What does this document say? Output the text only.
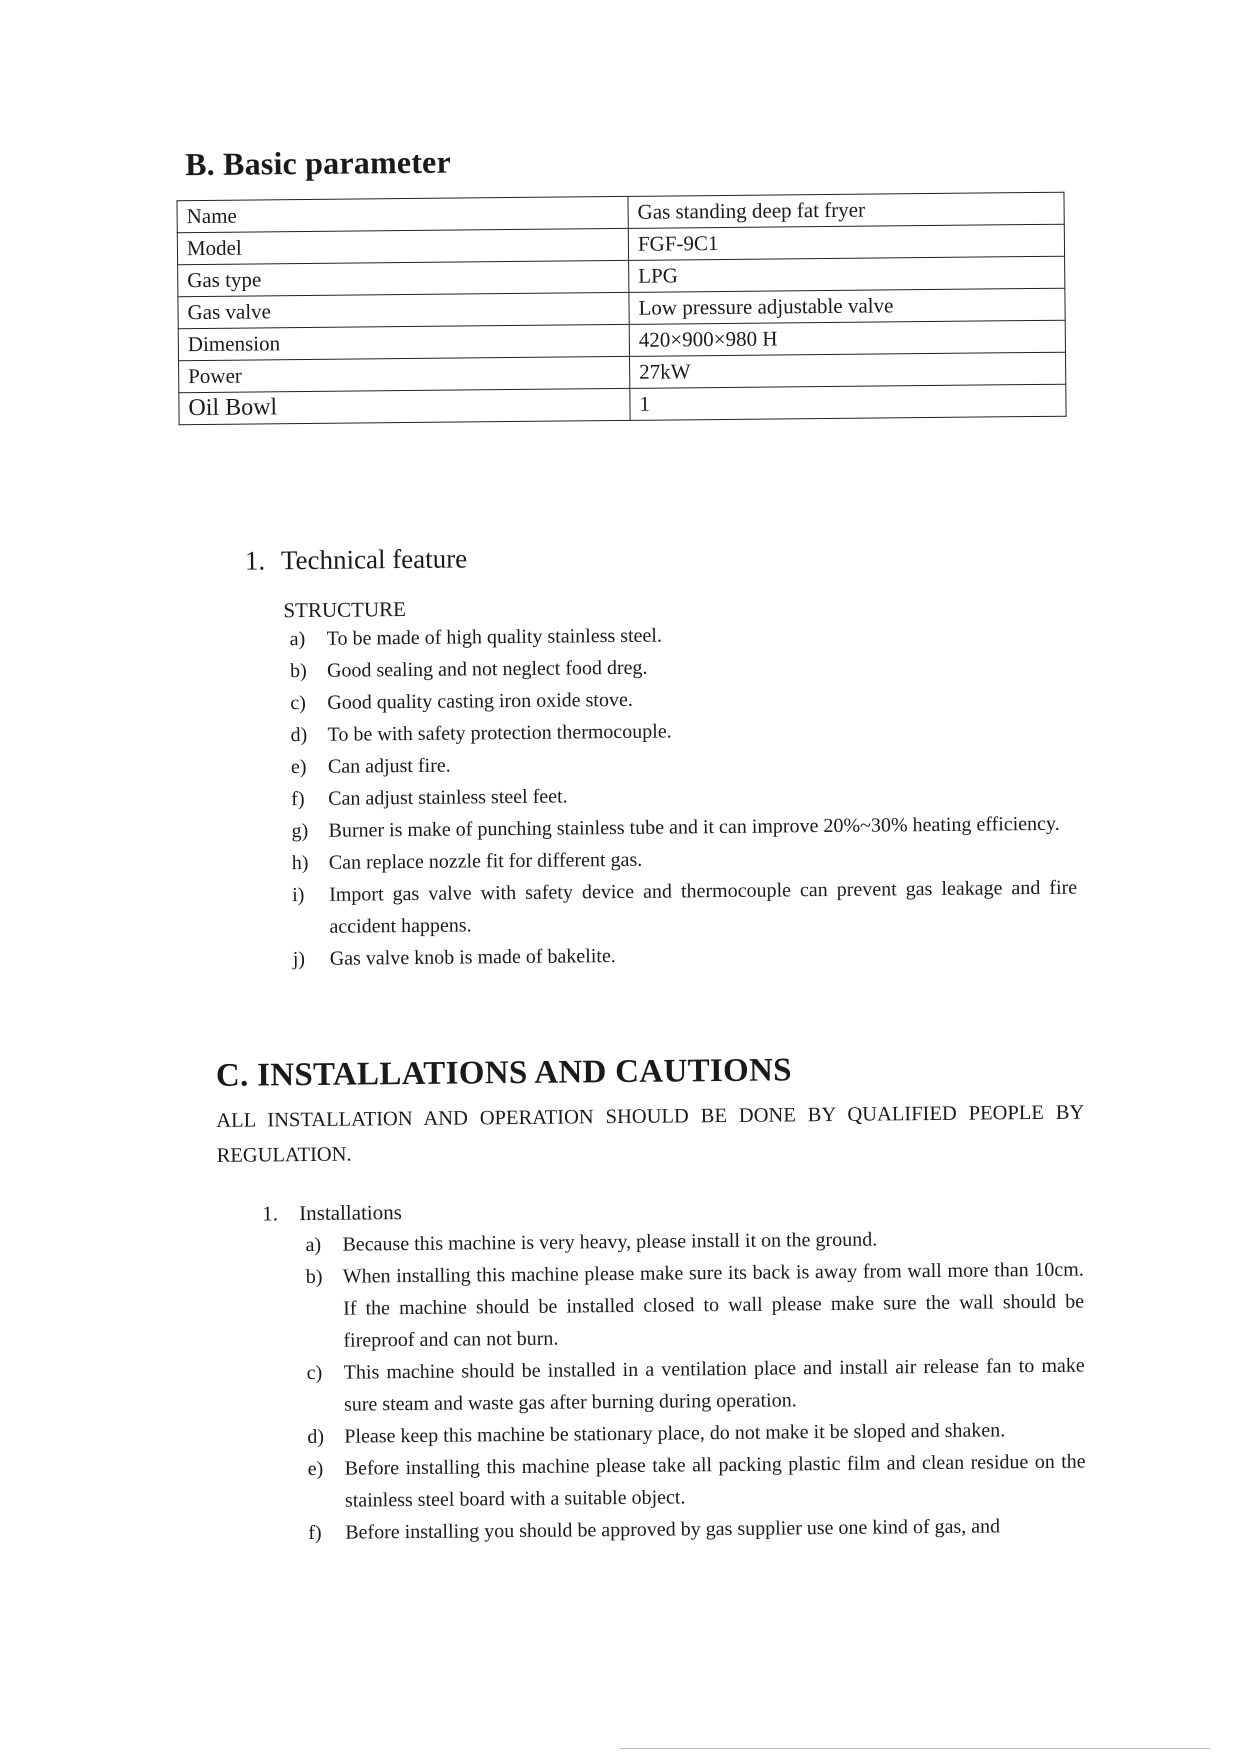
B. Basic parameter
Name	Gas standing deep fat fryer
Model	FGF-9C1
Gas type	LPG
Gas valve	Low pressure adjustable valve
Dimension	420×900×980 H
Power	27kW
Oil Bowl	1
1. Technical feature
STRUCTURE
a) To be made of high quality stainless steel.
b) Good sealing and not neglect food dreg.
c) Good quality casting iron oxide stove.
d) To be with safety protection thermocouple.
e) Can adjust fire.
f) Can adjust stainless steel feet.
g) Burner is make of punching stainless tube and it can improve 20%~30% heating efficiency.
h) Can replace nozzle fit for different gas.
i) Import gas valve with safety device and thermocouple can prevent gas leakage and fire accident happens.
j) Gas valve knob is made of bakelite.
C. INSTALLATIONS AND CAUTIONS
ALL INSTALLATION AND OPERATION SHOULD BE DONE BY QUALIFIED PEOPLE BY REGULATION.
1. Installations
a) Because this machine is very heavy, please install it on the ground.
b) When installing this machine please make sure its back is away from wall more than 10cm. If the machine should be installed closed to wall please make sure the wall should be fireproof and can not burn.
c) This machine should be installed in a ventilation place and install air release fan to make sure steam and waste gas after burning during operation.
d) Please keep this machine be stationary place, do not make it be sloped and shaken.
e) Before installing this machine please take all packing plastic film and clean residue on the stainless steel board with a suitable object.
f) Before installing you should be approved by gas supplier use one kind of gas, and
